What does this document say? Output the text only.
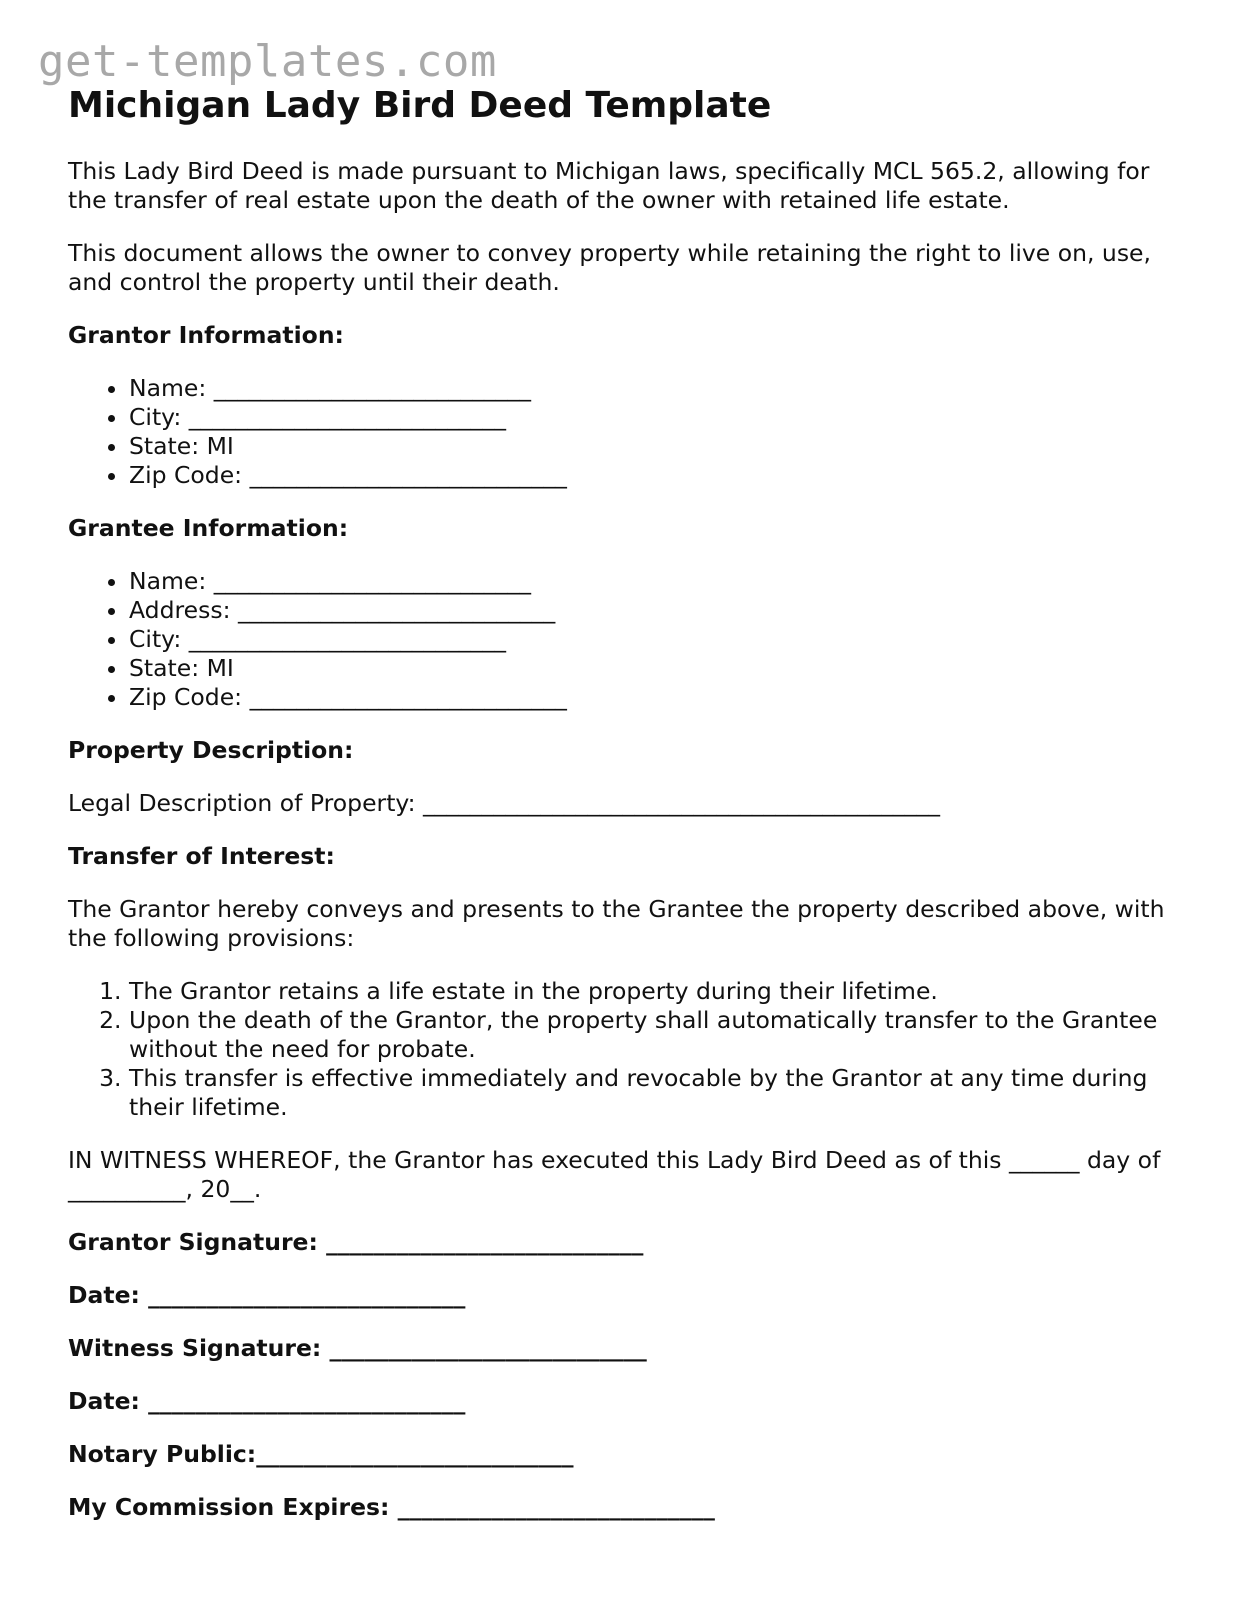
get-templates.com
Michigan Lady Bird Deed Template

This Lady Bird Deed is made pursuant to Michigan laws, specifically MCL 565.2, allowing for the transfer of real estate upon the death of the owner with retained life estate.

This document allows the owner to convey property while retaining the right to live on, use, and control the property until their death.

Grantor Information:

• Name: ___________________________
• City: ___________________________
• State: MI
• Zip Code: ___________________________

Grantee Information:

• Name: ___________________________
• Address: ___________________________
• City: ___________________________
• State: MI
• Zip Code: ___________________________

Property Description:

Legal Description of Property: ____________________________________________

Transfer of Interest:

The Grantor hereby conveys and presents to the Grantee the property described above, with the following provisions:

1. The Grantor retains a life estate in the property during their lifetime.
2. Upon the death of the Grantor, the property shall automatically transfer to the Grantee without the need for probate.
3. This transfer is effective immediately and revocable by the Grantor at any time during their lifetime.

IN WITNESS WHEREOF, the Grantor has executed this Lady Bird Deed as of this ______ day of __________, 20__.

Grantor Signature: ___________________________

Date: ___________________________

Witness Signature: ___________________________

Date: ___________________________

Notary Public:___________________________

My Commission Expires: ___________________________
